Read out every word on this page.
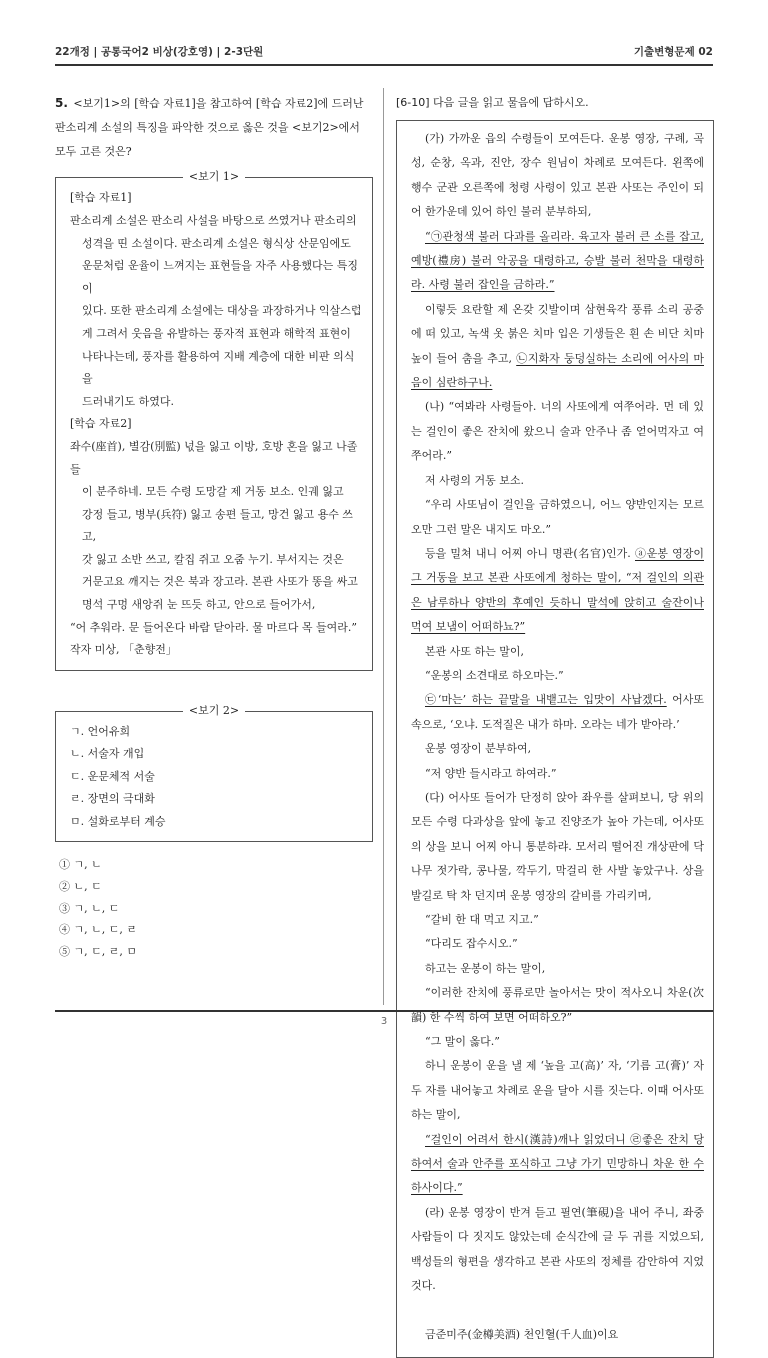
22개정 | 공통국어2 비상(강호영) | 2-3단원	기출변형문제 02

5. <보기1>의 [학습 자료1]을 참고하여 [학습 자료2]에 드러난

판소리계 소설의 특징을 파악한 것으로 옳은 것을 <보기2>에서

모두 고른 것은?

<보기 1>

[학습 자료1]

판소리계 소설은 판소리 사설을 바탕으로 쓰였거나 판소리의

성격을 띤 소설이다. 판소리계 소설은 형식상 산문임에도

운문처럼 운율이 느껴지는 표현들을 자주 사용했다는 특징이

있다. 또한 판소리계 소설에는 대상을 과장하거나 익살스럽

게 그려서 웃음을 유발하는 풍자적 표현과 해학적 표현이

나타나는데, 풍자를 활용하여 지배 계층에 대한 비판 의식을

드러내기도 하였다.

[학습 자료2]

좌수(座首), 별감(別監) 넋을 잃고 이방, 호방 혼을 잃고 나졸들

이 분주하네. 모든 수령 도망갈 제 거동 보소. 인궤 잃고

강정 들고, 병부(兵符) 잃고 송편 들고, 망건 잃고 용수 쓰고,

갓 잃고 소반 쓰고, 칼집 쥐고 오줌 누기. 부서지는 것은

거문고요 깨지는 것은 북과 장고라. 본관 사또가 똥을 싸고

명석 구멍 새앙쥐 눈 뜨듯 하고, 안으로 들어가서,

“어 추워라. 문 들어온다 바람 닫아라. 물 마르다 목 들여라.”

작자 미상, 「춘향전」

<보기 2>

ㄱ. 언어유희

ㄴ. 서술자 개입

ㄷ. 운문체적 서술

ㄹ. 장면의 극대화

ㅁ. 설화로부터 계승

① ㄱ, ㄴ
② ㄴ, ㄷ
③ ㄱ, ㄴ, ㄷ
④ ㄱ, ㄴ, ㄷ, ㄹ
⑤ ㄱ, ㄷ, ㄹ, ㅁ
[6-10] 다음 글을 읽고 물음에 답하시오.

(가) 가까운 읍의 수령들이 모여든다. 운봉 영장, 구례, 곡성, 순창, 옥과, 진안, 장수 원님이 차례로 모여든다. 왼쪽에 행수 군관 오른쪽에 청령 사령이 있고 본관 사또는 주인이 되어 한가운데 있어 하인 불러 분부하되,

“㉠관청색 불러 다과를 올리라. 육고자 불러 큰 소를 잡고, 예방(禮房) 불러 악공을 대령하고, 승발 불러 천막을 대령하라. 사령 불러 잡인을 금하라.”

이렇듯 요란할 제 온갖 깃발이며 삼현육각 풍류 소리 공중에 떠 있고, 녹색 옷 붉은 치마 입은 기생들은 흰 손 비단 치마 높이 들어 춤을 추고, ㉡지화자 둥덩실하는 소리에 어사의 마음이 심란하구나.

(나) “여봐라 사령들아. 너의 사또에게 여쭈어라. 먼 데 있는 걸인이 좋은 잔치에 왔으니 술과 안주나 좀 얻어먹자고 여쭈어라.”

저 사령의 거동 보소.

“우리 사또님이 걸인을 금하였으니, 어느 양반인지는 모르오만 그런 말은 내지도 마오.”

등을 밀쳐 내니 어찌 아니 명관(名官)인가. ⓐ운봉 영장이 그 거동을 보고 본관 사또에게 청하는 말이, “저 걸인의 의관은 남루하나 양반의 후예인 듯하니 말석에 앉히고 술잔이나 먹여 보냄이 어떠하뇨?”

본관 사또 하는 말이,

“운봉의 소견대로 하오마는.”

㉢‘마는’ 하는 끝말을 내뱉고는 입맛이 사납겠다. 어사또 속으로, ‘오냐. 도적질은 내가 하마. 오라는 네가 받아라.’

운봉 영장이 분부하여,

“저 양반 들시라고 하여라.”

(다) 어사또 들어가 단정히 앉아 좌우를 살펴보니, 당 위의 모든 수령 다과상을 앞에 놓고 진양조가 높아 가는데, 어사또의 상을 보니 어찌 아니 통분하랴. 모서리 떨어진 개상판에 닥나무 젓가락, 콩나물, 깍두기, 막걸리 한 사발 놓았구나. 상을 발길로 탁 차 던지며 운봉 영장의 갈비를 가리키며,

“갈비 한 대 먹고 지고.”

“다리도 잡수시오.”

하고는 운봉이 하는 말이,

“이러한 잔치에 풍류로만 놀아서는 맛이 적사오니 차운(次韻) 한 수씩 하여 보면 어떠하오?”

“그 말이 옳다.”

하니 운봉이 운을 낼 제 ‘높을 고(高)’ 자, ‘기름 고(膏)’ 자 두 자를 내어놓고 차례로 운을 달아 시를 짓는다. 이때 어사또 하는 말이,

“걸인이 어려서 한시(漢詩)깨나 읽었더니 ㉣좋은 잔치 당하여서 술과 안주를 포식하고 그냥 가기 민망하니 차운 한 수 하사이다.”

(라) 운봉 영장이 반겨 듣고 필연(筆硯)을 내어 주니, 좌중 사람들이 다 짓지도 않았는데 순식간에 글 두 귀를 지었으되, 백성들의 형편을 생각하고 본관 사또의 정체를 감안하여 지었것다.

금준미주(金樽美酒) 천인혈(千人血)이요

3
